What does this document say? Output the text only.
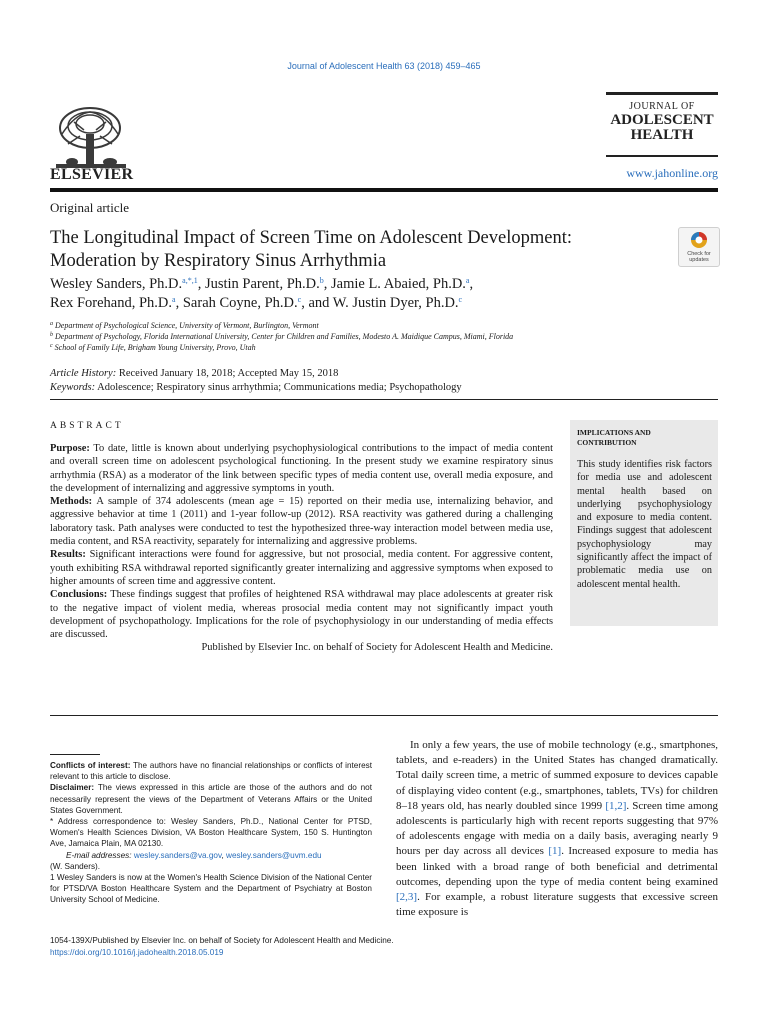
Journal of Adolescent Health 63 (2018) 459–465
ELSEVIER
JOURNAL OF
ADOLESCENT
HEALTH
www.jahonline.org
Original article
The Longitudinal Impact of Screen Time on Adolescent Development: Moderation by Respiratory Sinus Arrhythmia	Check for updates
Wesley Sanders, Ph.D.$^{a,*,1}$, Justin Parent, Ph.D.$^b$, Jamie L. Abaied, Ph.D.$^a$,
Rex Forehand, Ph.D.$^a$, Sarah Coyne, Ph.D.$^c$, and W. Justin Dyer, Ph.D.$^c$
$^a$ Department of Psychological Science, University of Vermont, Burlington, Vermont
$^b$ Department of Psychology, Florida International University, Center for Children and Families, Modesto A. Maidique Campus, Miami, Florida
$^c$ School of Family Life, Brigham Young University, Provo, Utah
Article History: Received January 18, 2018; Accepted May 15, 2018
Keywords: Adolescence; Respiratory sinus arrhythmia; Communications media; Psychopathology
ABSTRACT

Purpose: To date, little is known about underlying psychophysiological contributions to the impact of media content and overall screen time on adolescent psychological functioning. In the present study we examine respiratory sinus arrhythmia (RSA) as a moderator of the link between specific types of media content use, overall media exposure, and the development of internalizing and aggressive symptoms in youth.

Methods: A sample of 374 adolescents (mean age = 15) reported on their media use, internalizing behavior, and aggressive behavior at time 1 (2011) and 1-year follow-up (2012). RSA reactivity was gathered during a challenging laboratory task. Path analyses were conducted to test the hypothesized three-way interaction model between media use, media content, and RSA reactivity, separately for internalizing and aggressive problems.

Results: Significant interactions were found for aggressive, but not prosocial, media content. For aggressive content, youth exhibiting RSA withdrawal reported significantly greater internalizing and aggressive symptoms when exposed to higher amounts of screen time and aggressive content.

Conclusions: These findings suggest that profiles of heightened RSA withdrawal may place adolescents at greater risk to the negative impact of violent media, whereas prosocial media content may not significantly impact youth development of psychopathology. Implications for the role of psychophysiology in our understanding of media effects are discussed.

Published by Elsevier Inc. on behalf of Society for Adolescent Health and Medicine.

IMPLICATIONS AND CONTRIBUTION
This study identifies risk factors for media use and adolescent mental health based on underlying psychophysiology and exposure to media content. Findings suggest that adolescent psychophysiology may significantly affect the impact of problematic media use on adolescent mental health.

Conflicts of interest: The authors have no financial relationships or conflicts of interest relevant to this article to disclose.

Disclaimer: The views expressed in this article are those of the authors and do not necessarily represent the views of the Department of Veterans Affairs or the United States Government.

* Address correspondence to: Wesley Sanders, Ph.D., National Center for PTSD, Women's Health Sciences Division, VA Boston Healthcare System, 150 S. Huntington Ave, Jamaica Plain, MA 02130.

E-mail addresses: wesley.sanders@va.gov, wesley.sanders@uvm.edu

(W. Sanders).

1 Wesley Sanders is now at the Women's Health Science Division of the National Center for PTSD/VA Boston Healthcare System and the Department of Psychiatry at Boston University School of Medicine.

In only a few years, the use of mobile technology (e.g., smartphones, tablets, and e-readers) in the United States has changed dramatically. Total daily screen time, a metric of summed exposure to devices capable of displaying video content (e.g., smartphones, tablets, TVs) for children 8–18 years old, has nearly doubled since 1999 [1,2]. Screen time among adolescents is particularly high with recent reports suggesting that 97% of adolescents engage with media on a daily basis, averaging nearly 9 hours per day across all devices [1]. Increased exposure to media has been linked with a broad range of both beneficial and detrimental outcomes, depending upon the type of media content being examined [2,3]. For example, a robust literature suggests that excessive screen time exposure is
1054-139X/Published by Elsevier Inc. on behalf of Society for Adolescent Health and Medicine.
https://doi.org/10.1016/j.jadohealth.2018.05.019
